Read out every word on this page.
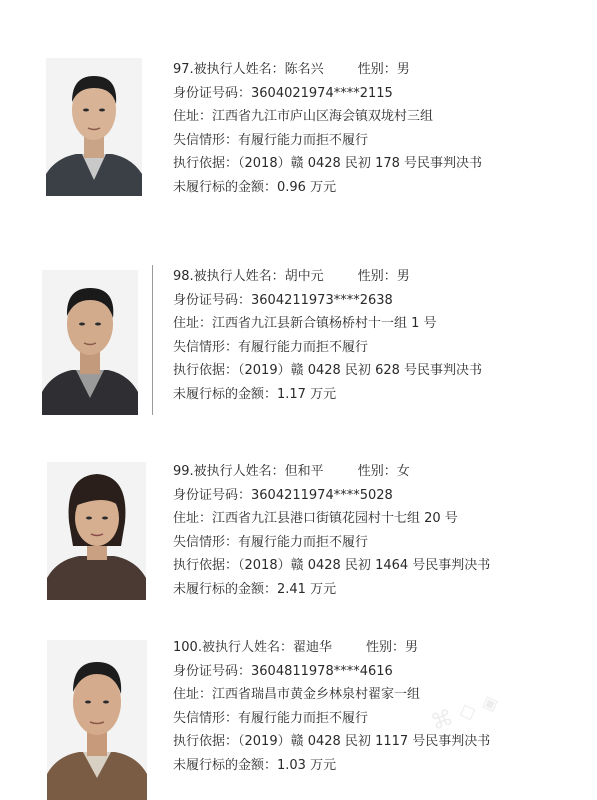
97.被执行人姓名：陈名兴	性别：男
身份证号码：3604021974****2115
住址：江西省九江市庐山区海会镇双垅村三组
失信情形：有履行能力而拒不履行
执行依据：（2018）赣 0428 民初 178 号民事判决书
未履行标的金额：0.96 万元
98.被执行人姓名：胡中元	性别：男
身份证号码：3604211973****2638
住址：江西省九江县新合镇杨桥村十一组 1 号
失信情形：有履行能力而拒不履行
执行依据：（2019）赣 0428 民初 628 号民事判决书
未履行标的金额：1.17 万元
99.被执行人姓名：但和平	性别：女
身份证号码：3604211974****5028
住址：江西省九江县港口街镇花园村十七组 20 号
失信情形：有履行能力而拒不履行
执行依据：（2018）赣 0428 民初 1464 号民事判决书
未履行标的金额：2.41 万元
100.被执行人姓名：翟迪华	性别：男
身份证号码：3604811978****4616
住址：江西省瑞昌市黄金乡林泉村翟家一组
失信情形：有履行能力而拒不履行
执行依据：（2019）赣 0428 民初 1117 号民事判决书
未履行标的金额：1.03 万元
⌘ ◇ ◈
